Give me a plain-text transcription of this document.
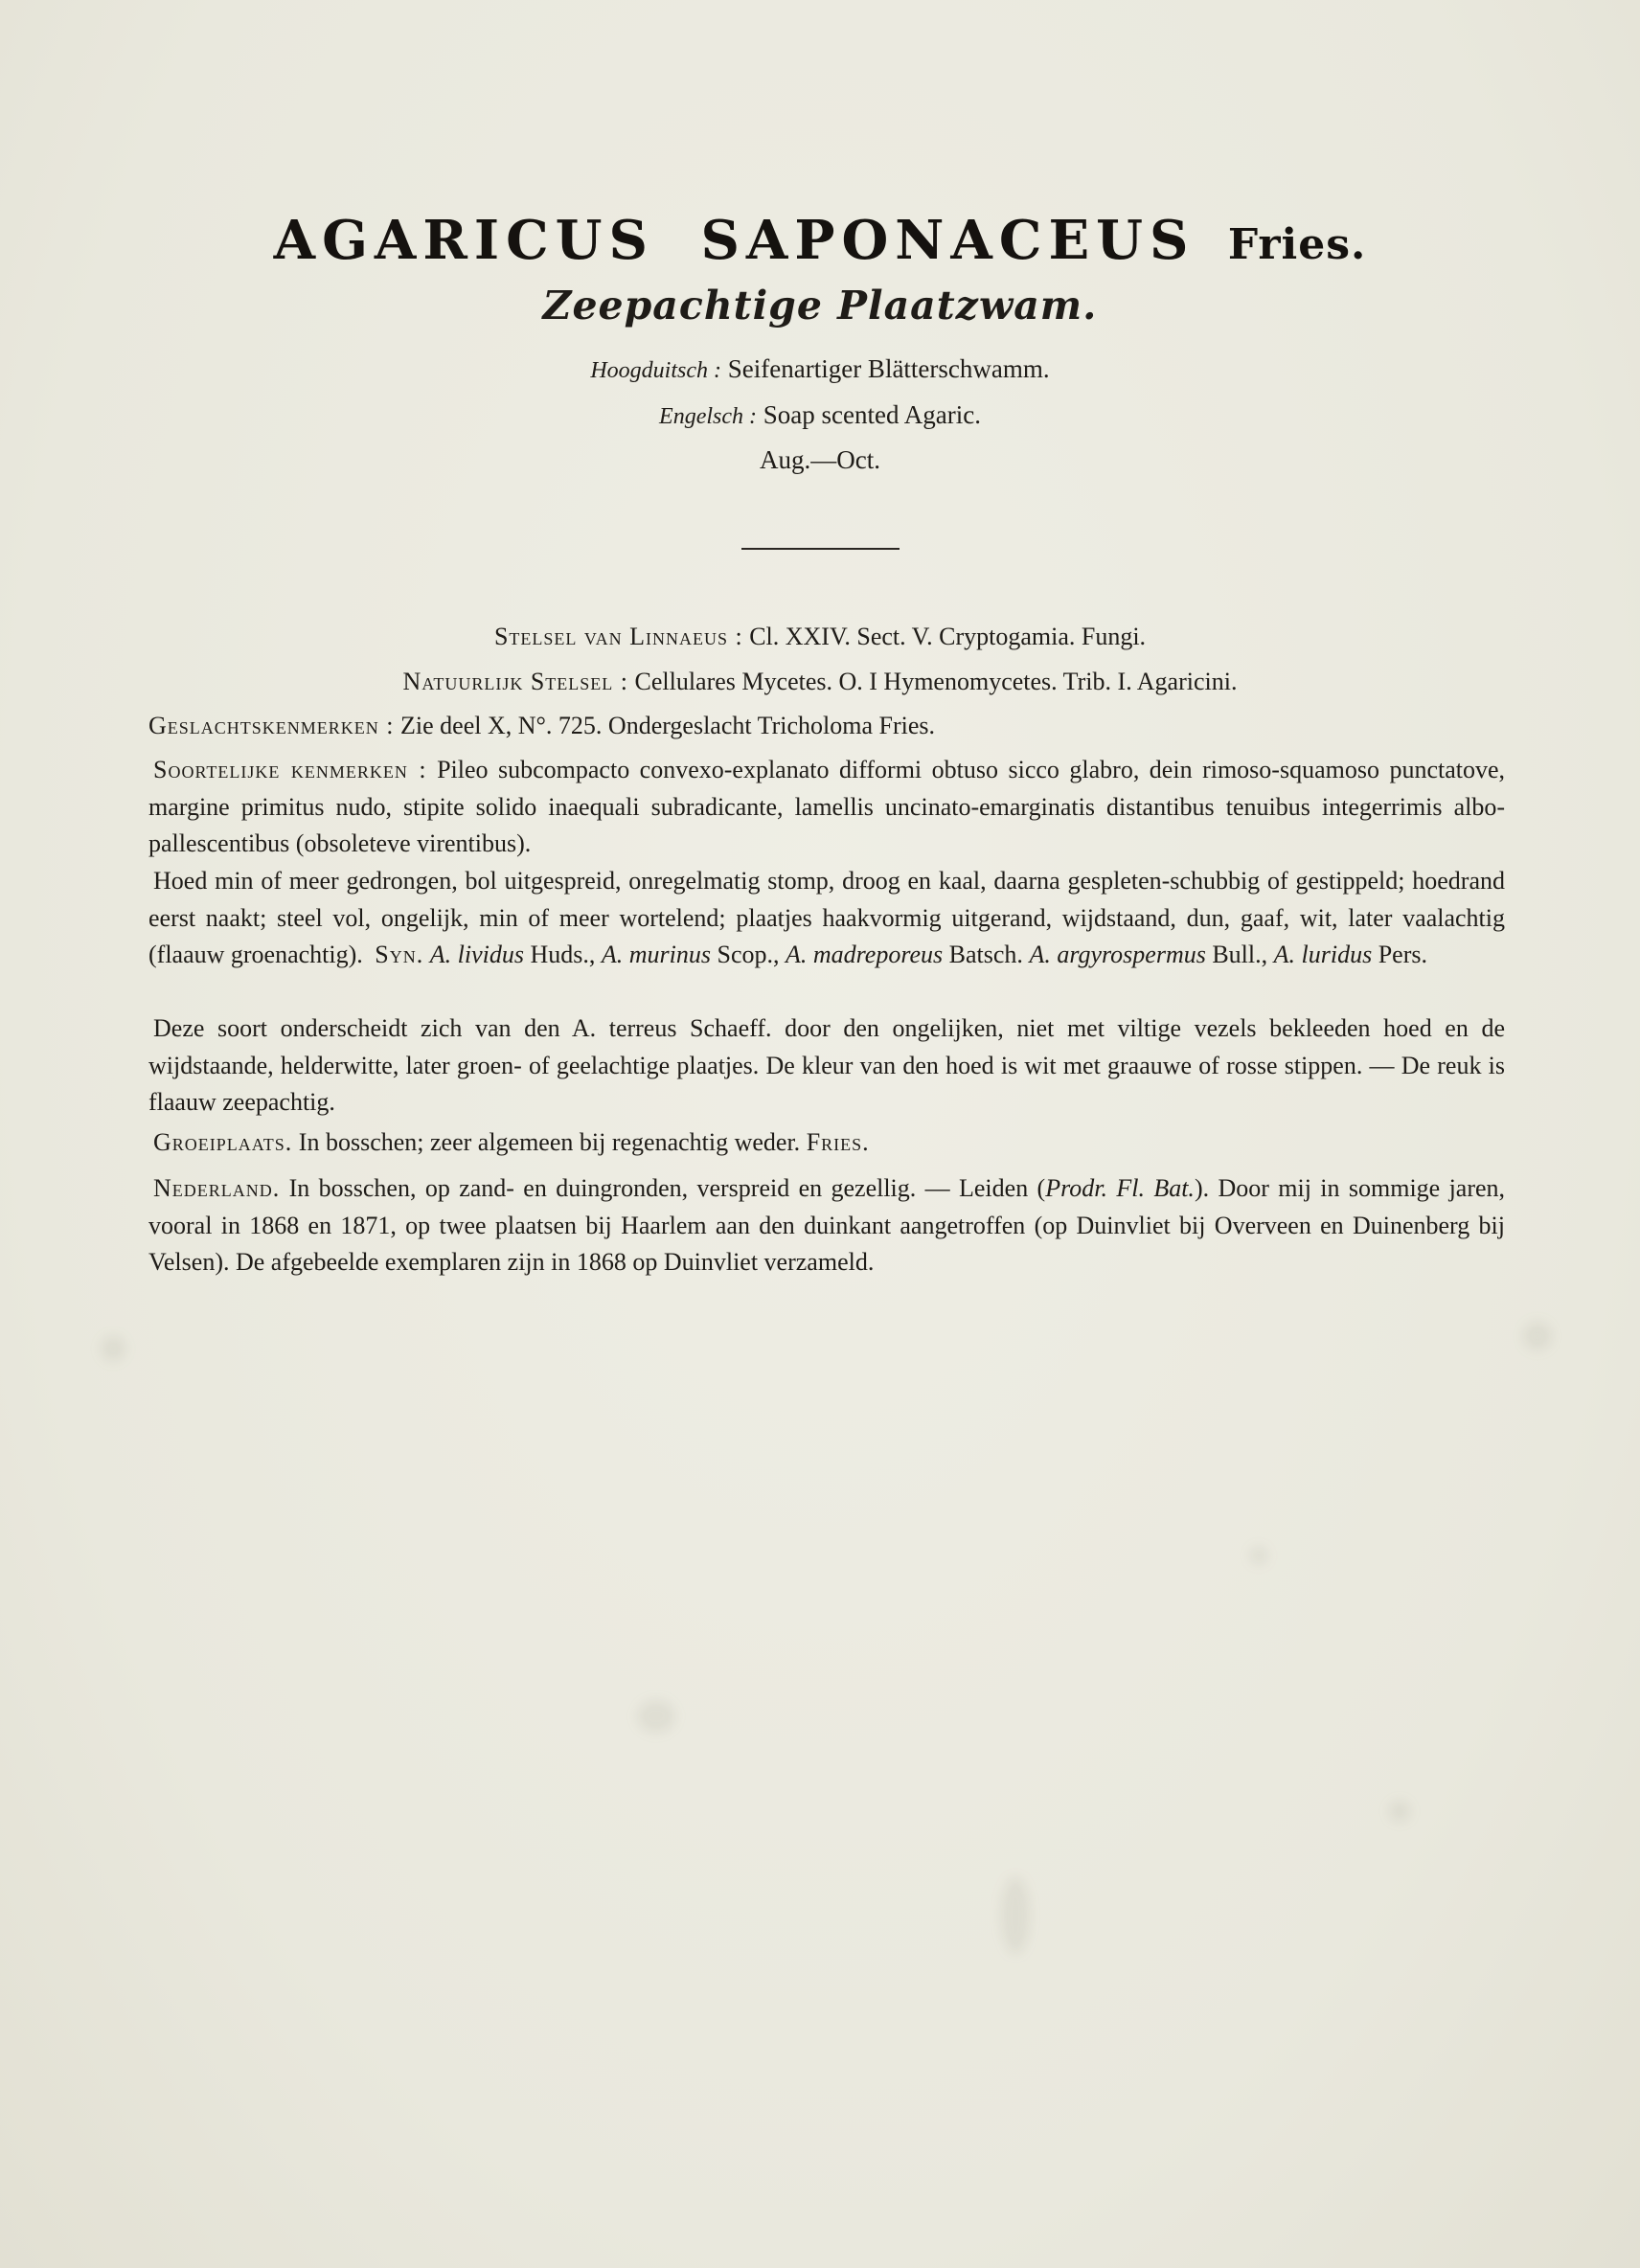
AGARICUS SAPONACEUS Fries.
Zeepachtige Plaatzwam.
Hoogduitsch : Seifenartiger Blätterschwamm.
Engelsch : Soap scented Agaric.
Aug.—Oct.
Stelsel van Linnaeus : Cl. XXIV. Sect. V. Cryptogamia. Fungi.
Natuurlijk Stelsel : Cellulares Mycetes. O. I Hymenomycetes. Trib. I. Agaricini.
Geslachtskenmerken : Zie deel X, N°. 725. Ondergeslacht Tricholoma Fries.

Soortelijke kenmerken : Pileo subcompacto convexo-explanato difformi obtuso sicco glabro, dein rimoso-squamoso punctatove, margine primitus nudo, stipite solido inaequali subradicante, lamellis uncinato-emarginatis distantibus tenuibus integerrimis albo-pallescentibus (obsoleteve virentibus).

Hoed min of meer gedrongen, bol uitgespreid, onregelmatig stomp, droog en kaal, daarna gespleten-schubbig of gestippeld; hoedrand eerst naakt; steel vol, ongelijk, min of meer wortelend; plaatjes haakvormig uitgerand, wijdstaand, dun, gaaf, wit, later vaalachtig (flaauw groenachtig). Syn. A. lividus Huds., A. murinus Scop., A. madreporeus Batsch. A. argyrospermus Bull., A. luridus Pers.

Deze soort onderscheidt zich van den A. terreus Schaeff. door den ongelijken, niet met viltige vezels bekleeden hoed en de wijdstaande, helderwitte, later groen- of geelachtige plaatjes. De kleur van den hoed is wit met graauwe of rosse stippen. — De reuk is flaauw zeepachtig.

Groeiplaats. In bosschen; zeer algemeen bij regenachtig weder. Fries.

Nederland. In bosschen, op zand- en duingronden, verspreid en gezellig. — Leiden (Prodr. Fl. Bat.). Door mij in sommige jaren, vooral in 1868 en 1871, op twee plaatsen bij Haarlem aan den duinkant aangetroffen (op Duinvliet bij Overveen en Duinenberg bij Velsen). De afgebeelde exemplaren zijn in 1868 op Duinvliet verzameld.
